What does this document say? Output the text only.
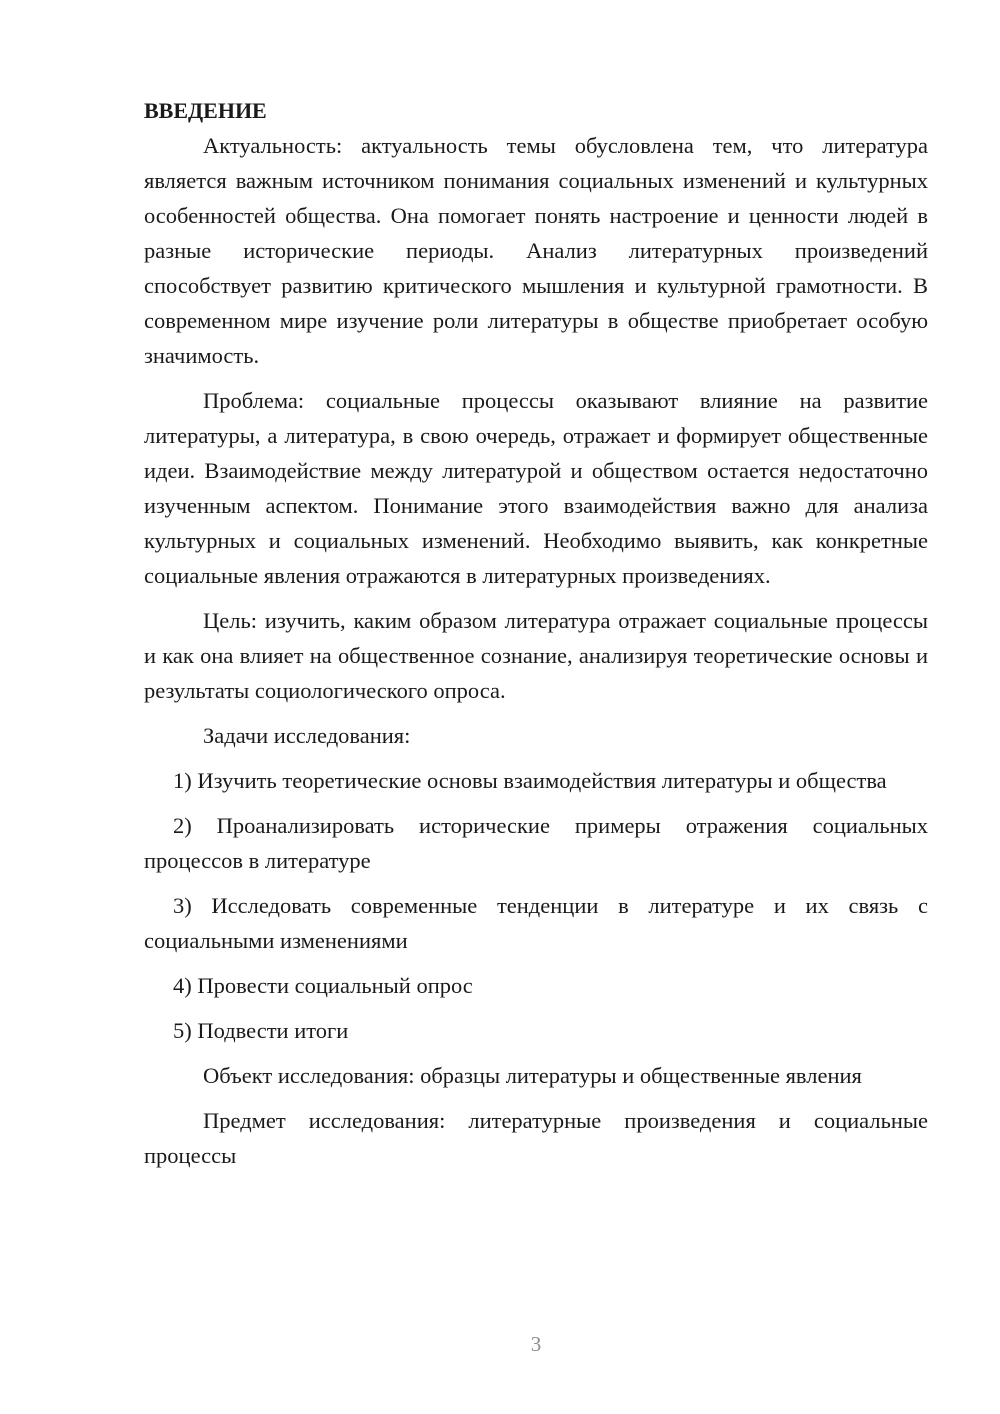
ВВЕДЕНИЕ

Актуальность: актуальность темы обусловлена тем, что литература является важным источником понимания социальных изменений и культурных особенностей общества. Она помогает понять настроение и ценности людей в разные исторические периоды. Анализ литературных произведений способствует развитию критического мышления и культурной грамотности. В современном мире изучение роли литературы в обществе приобретает особую значимость.

Проблема: социальные процессы оказывают влияние на развитие литературы, а литература, в свою очередь, отражает и формирует общественные идеи. Взаимодействие между литературой и обществом остается недостаточно изученным аспектом. Понимание этого взаимодействия важно для анализа культурных и социальных изменений. Необходимо выявить, как конкретные социальные явления отражаются в литературных произведениях.

Цель: изучить, каким образом литература отражает социальные процессы и как она влияет на общественное сознание, анализируя теоретические основы и результаты социологического опроса.

Задачи исследования:

1) Изучить теоретические основы взаимодействия литературы и общества

2) Проанализировать исторические примеры отражения социальных процессов в литературе

3) Исследовать современные тенденции в литературе и их связь с социальными изменениями

4) Провести социальный опрос

5) Подвести итоги

Объект исследования: образцы литературы и общественные явления

Предмет исследования: литературные произведения и социальные процессы

3
